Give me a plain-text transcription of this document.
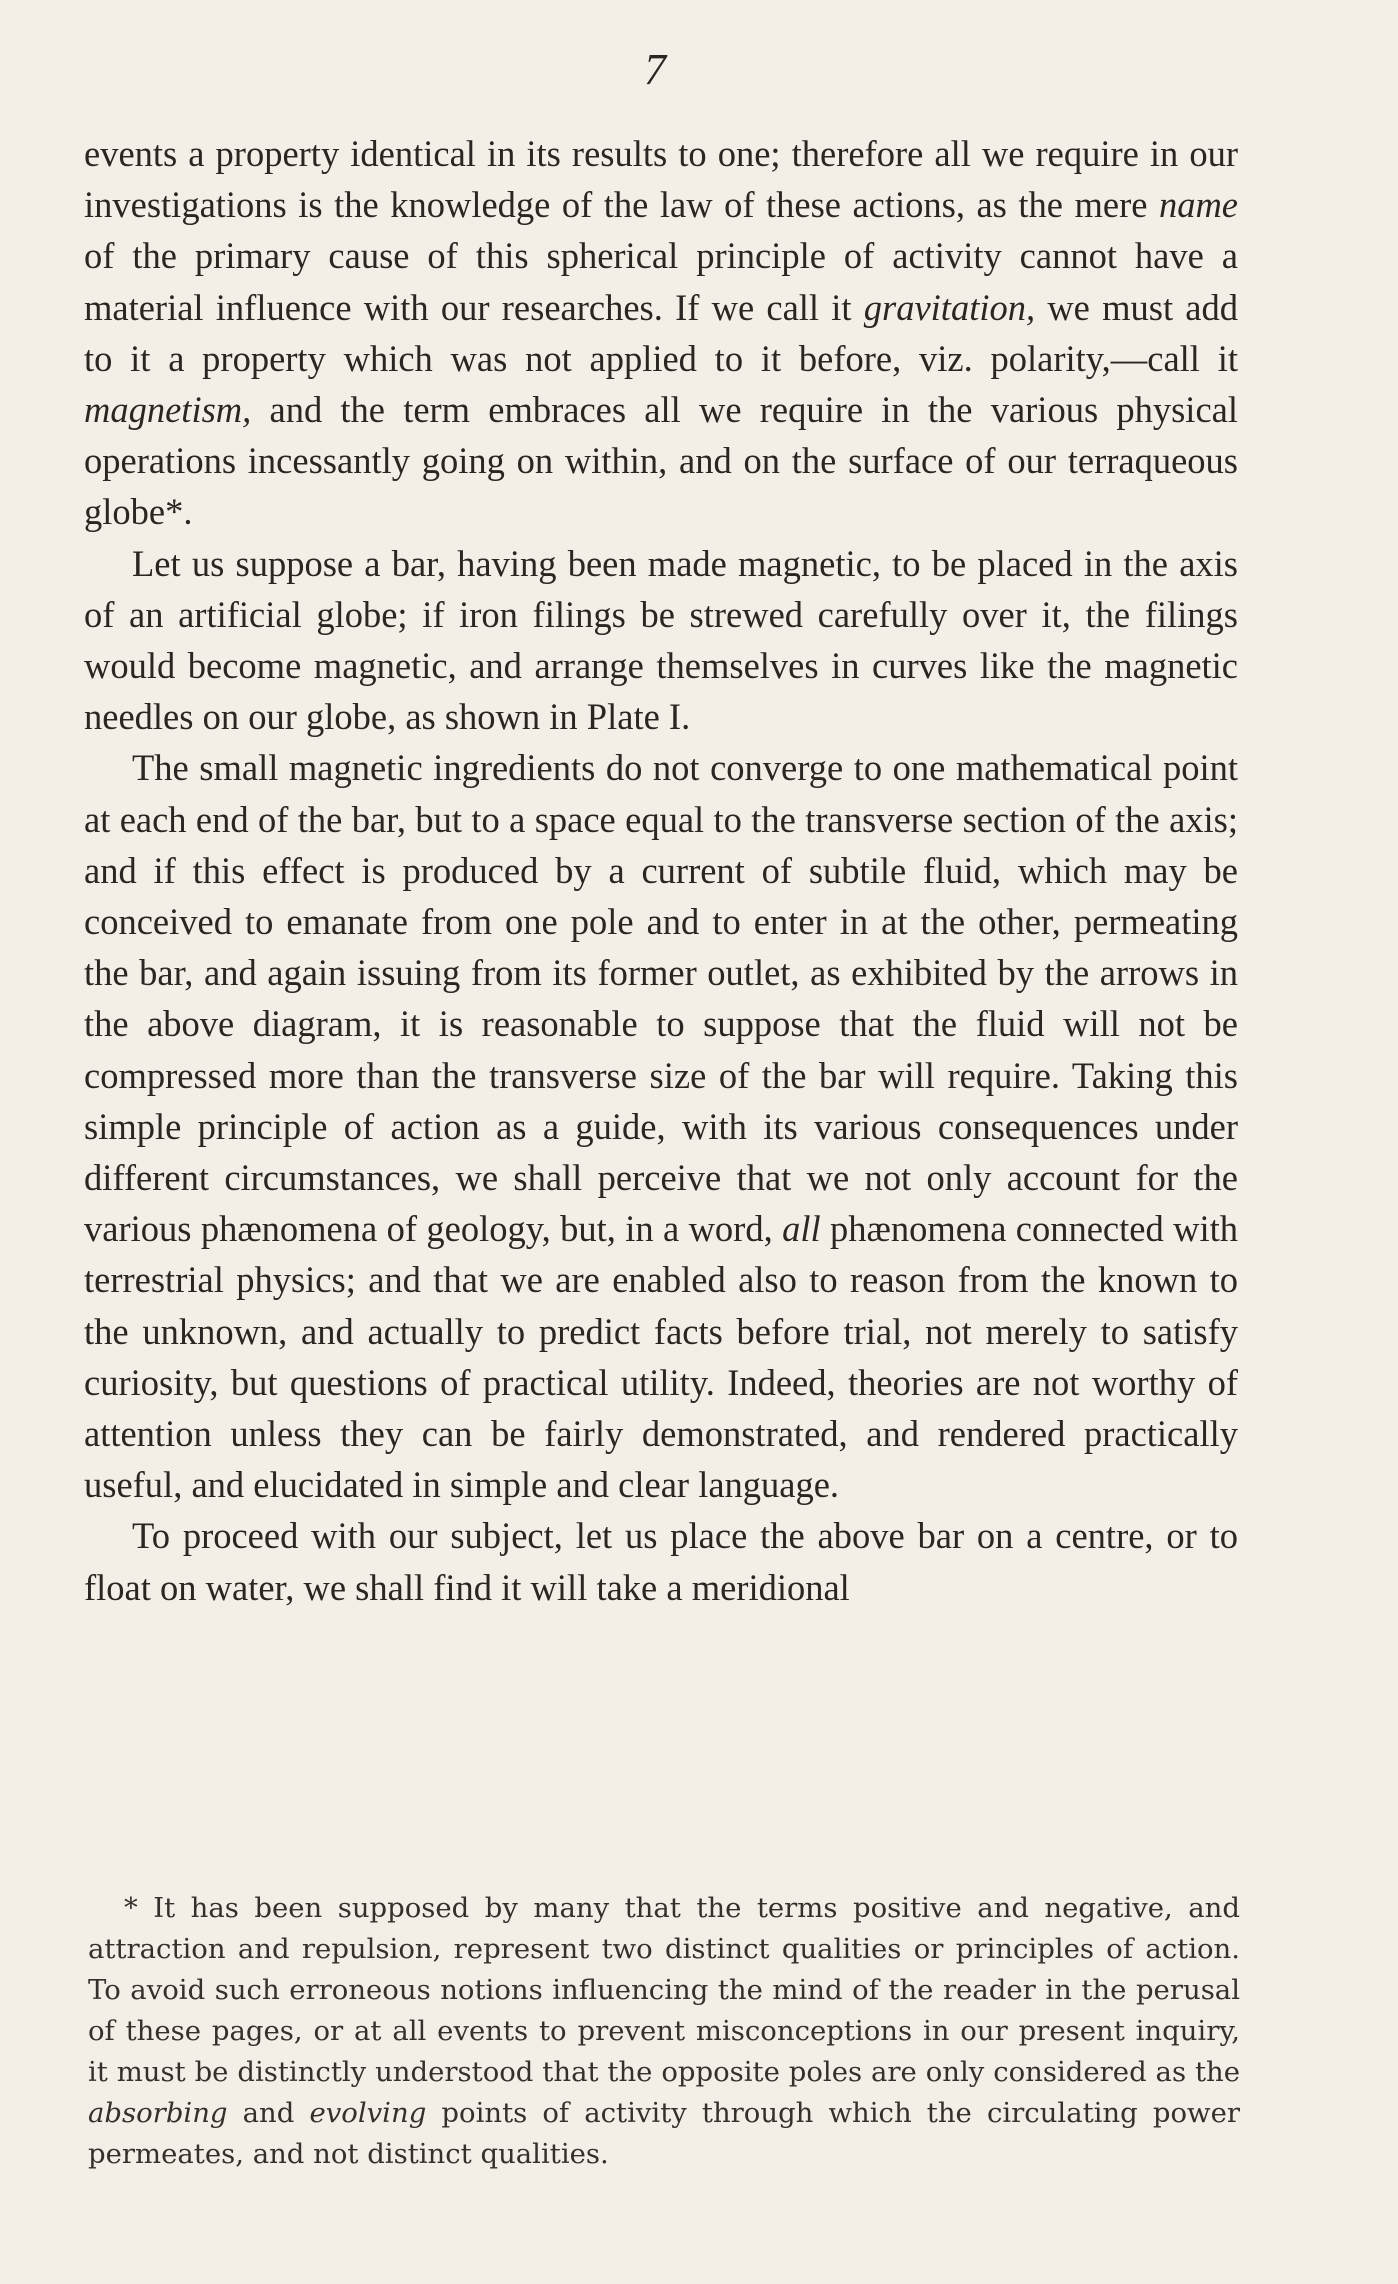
7

events a property identical in its results to one; therefore all we require in our investigations is the knowledge of the law of these actions, as the mere name of the primary cause of this spherical principle of activity cannot have a material influence with our researches. If we call it gravitation, we must add to it a property which was not applied to it before, viz. polarity,—call it magnetism, and the term embraces all we require in the various physical operations incessantly going on within, and on the surface of our terraqueous globe*.

Let us suppose a bar, having been made magnetic, to be placed in the axis of an artificial globe; if iron filings be strewed carefully over it, the filings would become magnetic, and arrange themselves in curves like the magnetic needles on our globe, as shown in Plate I.

The small magnetic ingredients do not converge to one mathematical point at each end of the bar, but to a space equal to the transverse section of the axis; and if this effect is produced by a current of subtile fluid, which may be conceived to emanate from one pole and to enter in at the other, permeating the bar, and again issuing from its former outlet, as exhibited by the arrows in the above diagram, it is reasonable to suppose that the fluid will not be compressed more than the transverse size of the bar will require. Taking this simple principle of action as a guide, with its various consequences under different circumstances, we shall perceive that we not only account for the various phænomena of geology, but, in a word, all phænomena connected with terrestrial physics; and that we are enabled also to reason from the known to the unknown, and actually to predict facts before trial, not merely to satisfy curiosity, but questions of practical utility. Indeed, theories are not worthy of attention unless they can be fairly demonstrated, and rendered practically useful, and elucidated in simple and clear language.

To proceed with our subject, let us place the above bar on a centre, or to float on water, we shall find it will take a meridional

* It has been supposed by many that the terms positive and negative, and attraction and repulsion, represent two distinct qualities or principles of action. To avoid such erroneous notions influencing the mind of the reader in the perusal of these pages, or at all events to prevent misconceptions in our present inquiry, it must be distinctly understood that the opposite poles are only considered as the absorbing and evolving points of activity through which the circulating power permeates, and not distinct qualities.
